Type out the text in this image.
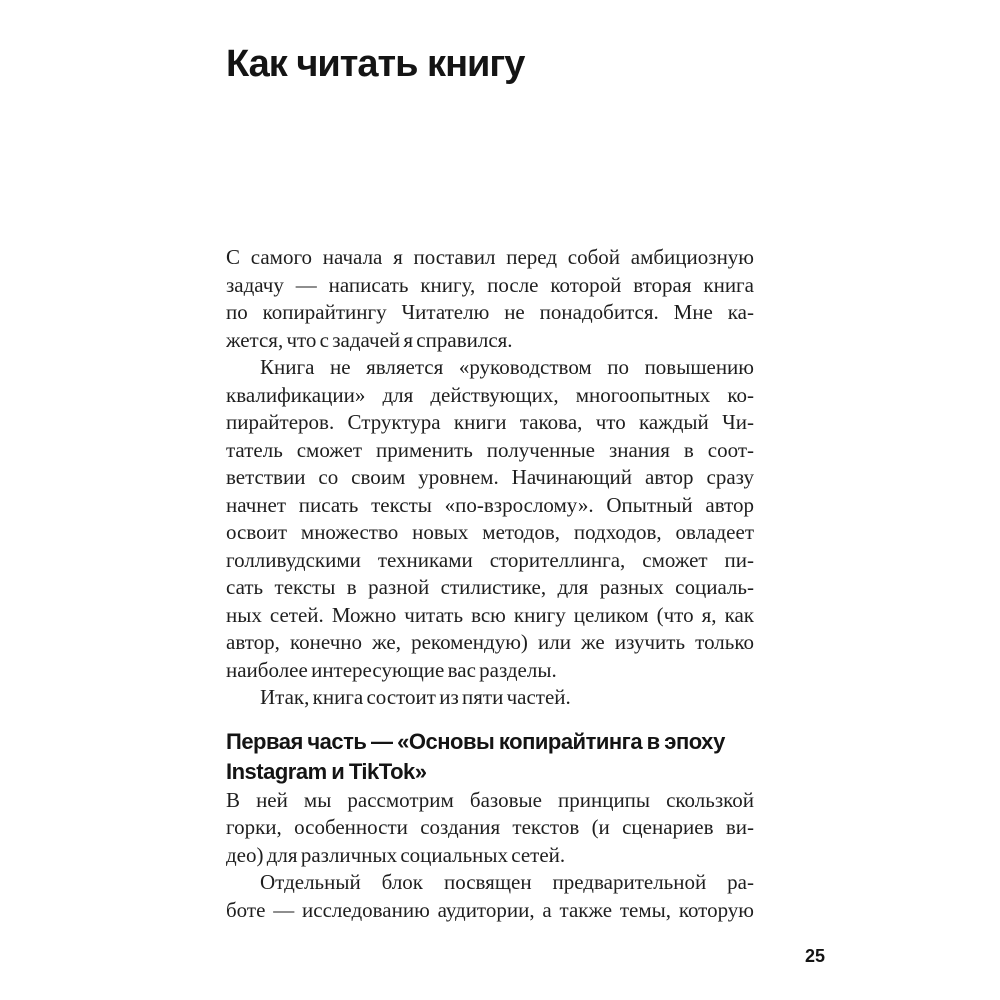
Как читать книгу
С самого начала я поставил перед собой амбициозную
задачу — написать книгу, после которой вторая книга
по копирайтингу Читателю не понадобится. Мне ка-
жется, что с задачей я справился.
Книга не является «руководством по повышению
квалификации» для действующих, многоопытных ко-
пирайтеров. Структура книги такова, что каждый Чи-
татель сможет применить полученные знания в соот-
ветствии со своим уровнем. Начинающий автор сразу
начнет писать тексты «по-взрослому». Опытный автор
освоит множество новых методов, подходов, овладеет
голливудскими техниками сторителлинга, сможет пи-
сать тексты в разной стилистике, для разных социаль-
ных сетей. Можно читать всю книгу целиком (что я, как
автор, конечно же, рекомендую) или же изучить только
наиболее интересующие вас разделы.
Итак, книга состоит из пяти частей.
Первая часть — «Основы копирайтинга в эпоху
Instagram и TikTok»
В ней мы рассмотрим базовые принципы скользкой
горки, особенности создания текстов (и сценариев ви-
део) для различных социальных сетей.
Отдельный блок посвящен предварительной ра-
боте — исследованию аудитории, а также темы, которую
25
